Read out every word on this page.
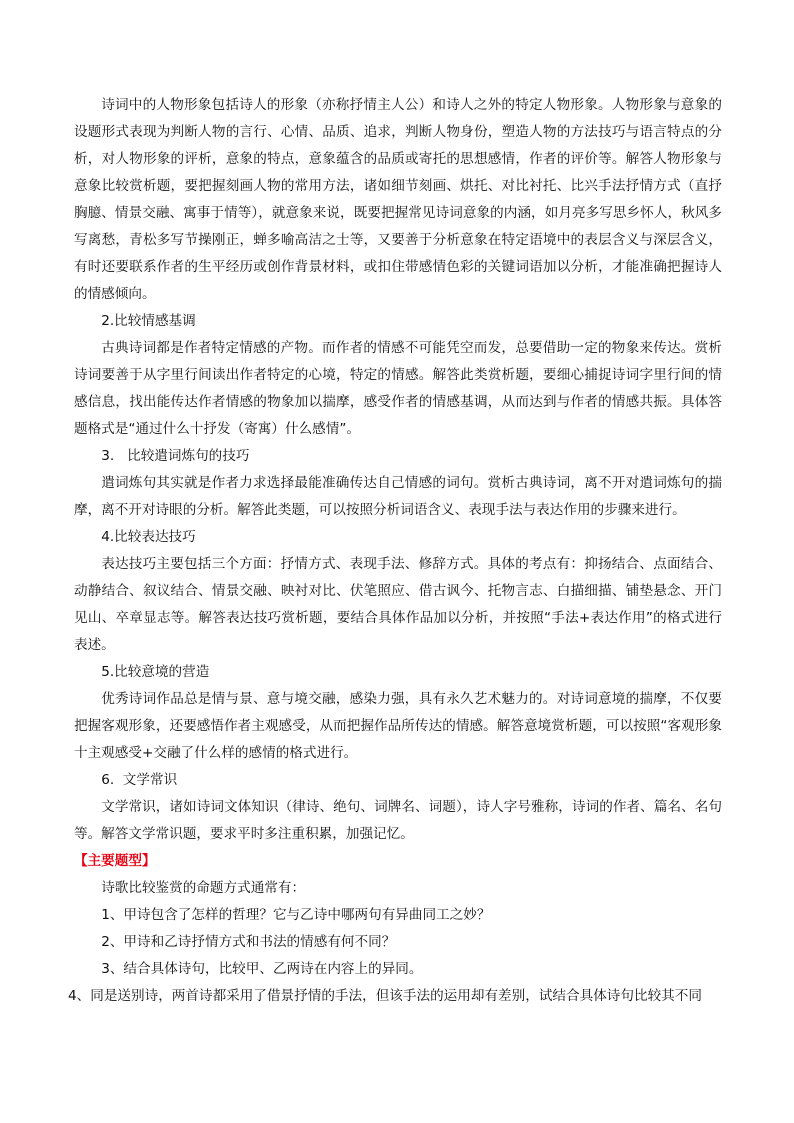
诗词中的人物形象包括诗人的形象（亦称抒情主人公）和诗人之外的特定人物形象。人物形象与意象的设题形式表现为判断人物的言行、心情、品质、追求，判断人物身份，塑造人物的方法技巧与语言特点的分析，对人物形象的评析，意象的特点，意象蕴含的品质或寄托的思想感情，作者的评价等。解答人物形象与意象比较赏析题，要把握刻画人物的常用方法，诸如细节刻画、烘托、对比衬托、比兴手法抒情方式（直抒胸臆、情景交融、寓事于情等），就意象来说，既要把握常见诗词意象的内涵，如月亮多写思乡怀人，秋风多写离愁，青松多写节操刚正，蝉多喻高洁之士等，又要善于分析意象在特定语境中的表层含义与深层含义，有时还要联系作者的生平经历或创作背景材料，或扣住带感情色彩的关键词语加以分析，才能准确把握诗人的情感倾向。

2.比较情感基调

古典诗词都是作者特定情感的产物。而作者的情感不可能凭空而发，总要借助一定的物象来传达。赏析诗词要善于从字里行间读出作者特定的心境，特定的情感。解答此类赏析题，要细心捕捉诗词字里行间的情感信息，找出能传达作者情感的物象加以揣摩，感受作者的情感基调，从而达到与作者的情感共振。具体答题格式是“通过什么十抒发（寄寓）什么感情”。

3.   比较遣词炼句的技巧

遣词炼句其实就是作者力求选择最能准确传达自己情感的词句。赏析古典诗词，离不开对遣词炼句的揣摩，离不开对诗眼的分析。解答此类题，可以按照分析词语含义、表现手法与表达作用的步骤来进行。

4.比较表达技巧

表达技巧主要包括三个方面：抒情方式、表现手法、修辞方式。具体的考点有：抑扬结合、点面结合、动静结合、叙议结合、情景交融、映衬对比、伏笔照应、借古讽今、托物言志、白描细描、铺垫悬念、开门见山、卒章显志等。解答表达技巧赏析题，要结合具体作品加以分析，并按照“手法+表达作用”的格式进行表述。

5.比较意境的营造

优秀诗词作品总是情与景、意与境交融，感染力强，具有永久艺术魅力的。对诗词意境的揣摩，不仅要把握客观形象，还要感悟作者主观感受，从而把握作品所传达的情感。解答意境赏析题，可以按照“客观形象十主观感受+交融了什么样的感情的格式进行。

6.  文学常识

文学常识，诸如诗词文体知识（律诗、绝句、词牌名、词题），诗人字号雅称，诗词的作者、篇名、名句等。解答文学常识题，要求平时多注重积累，加强记忆。

【主要题型】

诗歌比较鉴赏的命题方式通常有：

1、甲诗包含了怎样的哲理？它与乙诗中哪两句有异曲同工之妙？

2、甲诗和乙诗抒情方式和书法的情感有何不同？

3、结合具体诗句，比较甲、乙两诗在内容上的异同。

4、同是送别诗，两首诗都采用了借景抒情的手法，但该手法的运用却有差别，试结合具体诗句比较其不同
